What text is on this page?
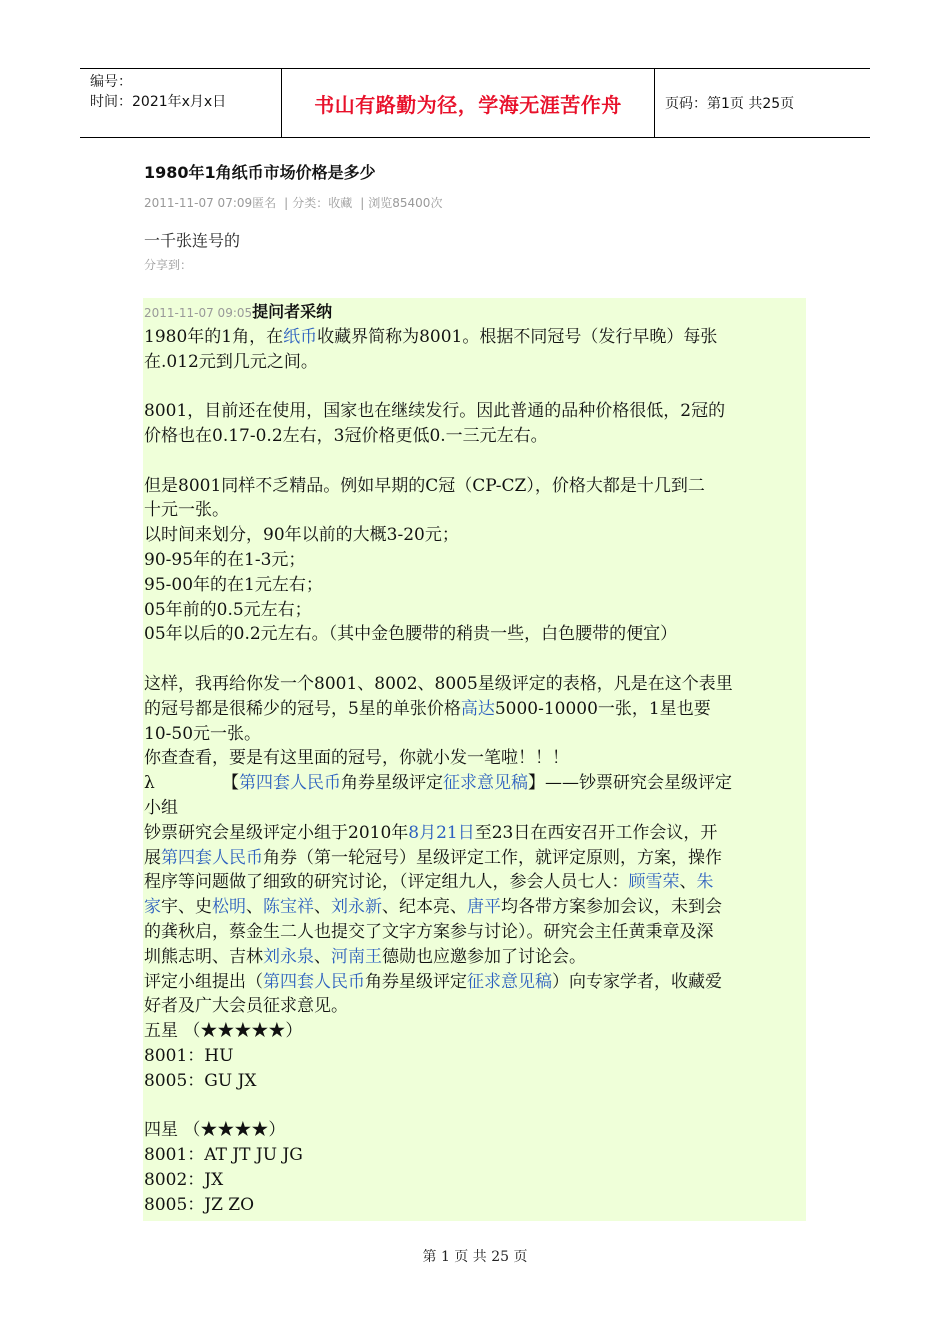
编号：
时间：2021年x月x日	书山有路勤为径，学海无涯苦作舟	页码：第1页 共25页
1980年1角纸币市场价格是多少
2011-11-07 07:09匿名 | 分类：收藏 | 浏览85400次
一千张连号的
分享到：
2011-11-07 09:05提问者采纳
1980年的1角，在纸币收藏界简称为8001。根据不同冠号（发行早晚）每张
在.012元到几元之间。
8001，目前还在使用，国家也在继续发行。因此普通的品种价格很低，2冠的
价格也在0.17-0.2左右，3冠价格更低0.一三元左右。
但是8001同样不乏精品。例如早期的C冠（CP-CZ），价格大都是十几到二
十元一张。
以时间来划分，90年以前的大概3-20元；
90-95年的在1-3元；
95-00年的在1元左右；
05年前的0.5元左右；
05年以后的0.2元左右。（其中金色腰带的稍贵一些，白色腰带的便宜）
这样，我再给你发一个8001、8002、8005星级评定的表格，凡是在这个表里
的冠号都是很稀少的冠号，5星的单张价格高达5000-10000一张，1星也要
10-50元一张。
你查查看，要是有这里面的冠号，你就小发一笔啦！！！
λ	【第四套人民币角券星级评定征求意见稿】——钞票研究会星级评定
小组
钞票研究会星级评定小组于2010年8月21日至23日在西安召开工作会议，开
展第四套人民币角券（第一轮冠号）星级评定工作，就评定原则，方案，操作
程序等问题做了细致的研究讨论，（评定组九人，参会人员七人：顾雪荣、朱
家宇、史松明、陈宝祥、刘永新、纪本亮、唐平均各带方案参加会议，未到会
的龚秋启，蔡金生二人也提交了文字方案参与讨论）。研究会主任黄秉章及深
圳熊志明、吉林刘永泉、河南王德勋也应邀参加了讨论会。
评定小组提出（第四套人民币角券星级评定征求意见稿）向专家学者，收藏爱
好者及广大会员征求意见。
五星 （★★★★★）
8001：HU
8005：GU JX
四星 （★★★★）
8001：AT JT JU JG
8002：JX
8005：JZ ZO
第 1 页 共 25 页
